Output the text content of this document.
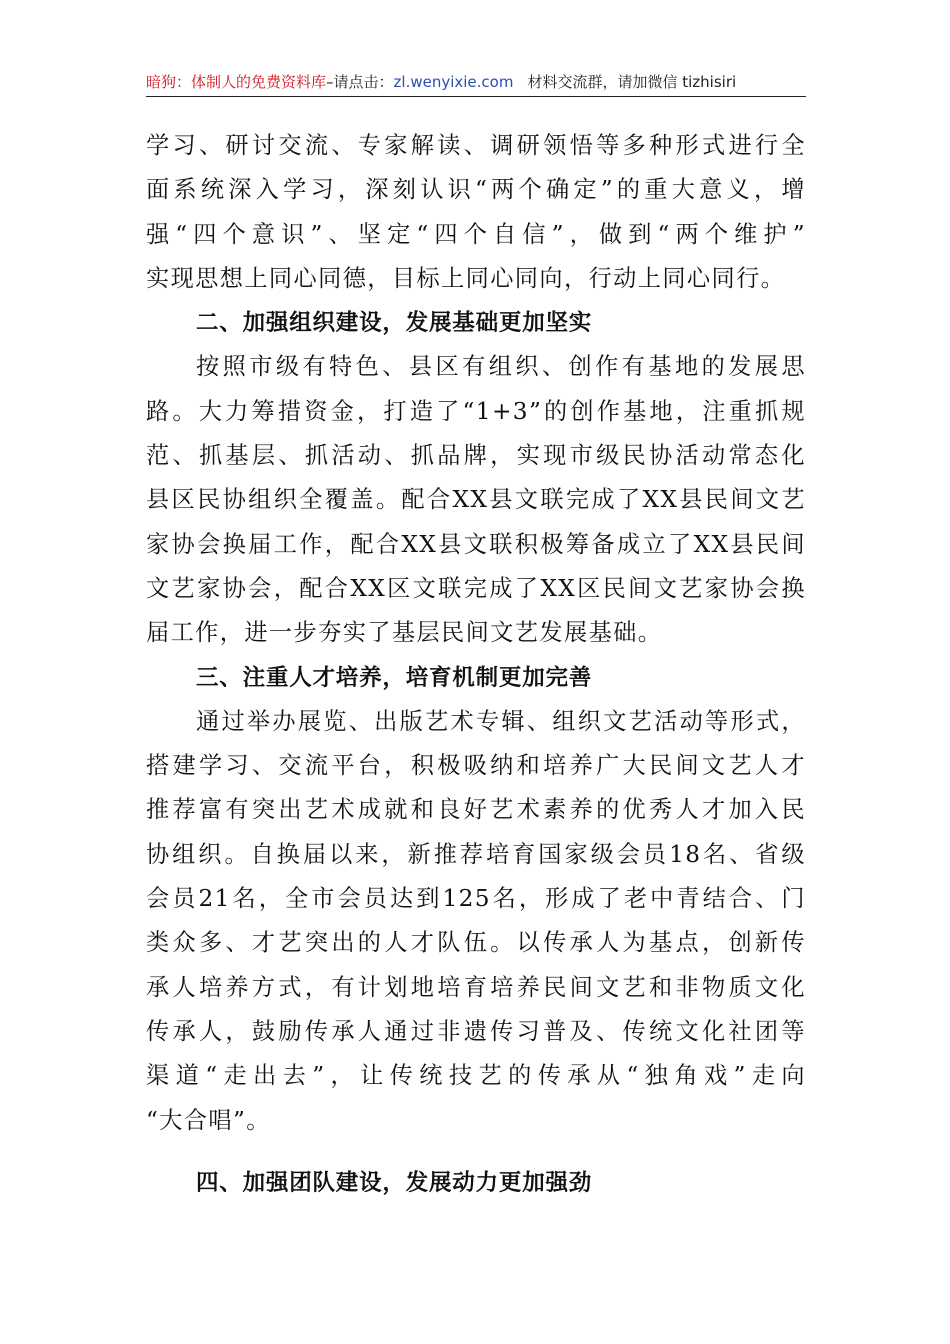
暗狗：体制人的免费资料库–请点击：zl.wenyixie.com 材料交流群，请加微信 tizhisiri
学习、研讨交流、专家解读、调研领悟等多种形式进行全
面系统深入学习，深刻认识“两个确定”的重大意义，增
强“四个意识”、坚定“四个自信”，做到“两个维护”
实现思想上同心同德，目标上同心同向，行动上同心同行。
二、加强组织建设，发展基础更加坚实
按照市级有特色、县区有组织、创作有基地的发展思
路。大力筹措资金，打造了“1+3”的创作基地，注重抓规
范、抓基层、抓活动、抓品牌，实现市级民协活动常态化
县区民协组织全覆盖。配合XX县文联完成了XX县民间文艺
家协会换届工作，配合XX县文联积极筹备成立了XX县民间
文艺家协会，配合XX区文联完成了XX区民间文艺家协会换
届工作，进一步夯实了基层民间文艺发展基础。
三、注重人才培养，培育机制更加完善
通过举办展览、出版艺术专辑、组织文艺活动等形式，
搭建学习、交流平台，积极吸纳和培养广大民间文艺人才
推荐富有突出艺术成就和良好艺术素养的优秀人才加入民
协组织。自换届以来，新推荐培育国家级会员18名、省级
会员21名，全市会员达到125名，形成了老中青结合、门
类众多、才艺突出的人才队伍。以传承人为基点，创新传
承人培养方式，有计划地培育培养民间文艺和非物质文化
传承人，鼓励传承人通过非遗传习普及、传统文化社团等
渠道“走出去”，让传统技艺的传承从“独角戏”走向
“大合唱”。
四、加强团队建设，发展动力更加强劲
